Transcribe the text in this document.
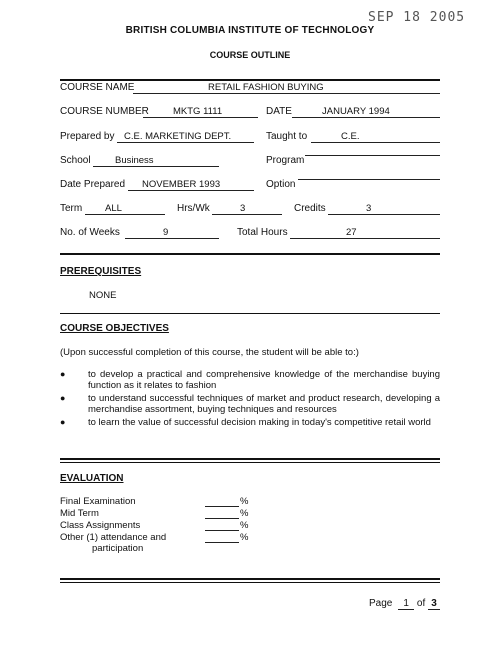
SEP 18 2005
BRITISH COLUMBIA INSTITUTE OF TECHNOLOGY
COURSE OUTLINE
COURSE NAME	RETAIL FASHION BUYING
COURSE NUMBER	MKTG 1111	DATE	JANUARY 1994
Prepared by	C.E. MARKETING DEPT.	Taught to	C.E.
School	Business	Program
Date Prepared	NOVEMBER 1993	Option
Term	ALL	Hrs/Wk	3	Credits	3
No. of Weeks	9	Total Hours	27
PREREQUISITES
NONE
COURSE OBJECTIVES
(Upon successful completion of this course, the student will be able to:)
● to develop a practical and comprehensive knowledge of the merchandise buying function as it relates to fashion
● to understand successful techniques of market and product research, developing a merchandise assortment, buying techniques and resources
● to learn the value of successful decision making in today's competitive retail world
EVALUATION
Final Examination	%
Mid Term	%
Class Assignments	%
Other (1) attendance and	%
participation
Page 1 of 3
